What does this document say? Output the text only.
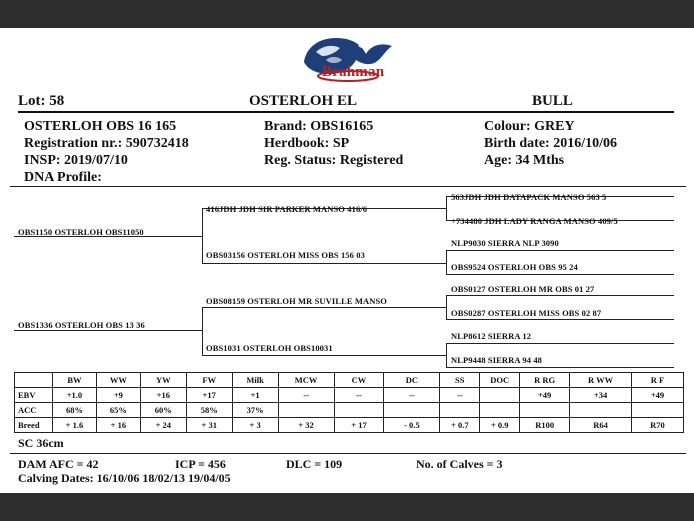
Brahman
Lot: 58	OSTERLOH EL	BULL
OSTERLOH OBS 16 165
Registration nr.: 590732418
INSP: 2019/07/10
DNA Profile:
Brand: OBS16165
Herdbook: SP
Reg. Status: Registered
Colour: GREY
Birth date: 2016/10/06
Age: 34 Mths
OBS1150 OSTERLOH OBS11050
416JDH JDH SIR PARKER MANSO 416/6
OBS03156 OSTERLOH MISS OBS 156 03
563JDH JDH DATAPACK MANSO 563 5
+734480 JDH LADY RANGA MANSO 409/5
NLP9030 SIERRA NLP 3090
OBS9524 OSTERLOH OBS 95 24
OBS1336 OSTERLOH OBS 13 36
OBS08159 OSTERLOH MR SUVILLE MANSO
OBS1031 OSTERLOH OBS10031
OBS0127 OSTERLOH MR OBS 01 27
OBS0287 OSTERLOH MISS OBS 02 87
NLP8612 SIERRA 12
NLP9448 SIERRA 94 48
	BW	WW	YW	FW	Milk	MCW	CW	DC	SS	DOC	R RG	R WW	R F
EBV	+1.0	+9	+16	+17	+1	--	--	--	--		+49	+34	+49
ACC	68%	65%	60%	58%	37%								
Breed	+ 1.6	+ 16	+ 24	+ 31	+ 3	+ 32	+ 17	- 0.5	+ 0.7	+ 0.9	R100	R64	R70
SC 36cm
DAM AFC = 42	ICP = 456	DLC = 109	No. of Calves = 3
Calving Dates: 16/10/06 18/02/13 19/04/05
